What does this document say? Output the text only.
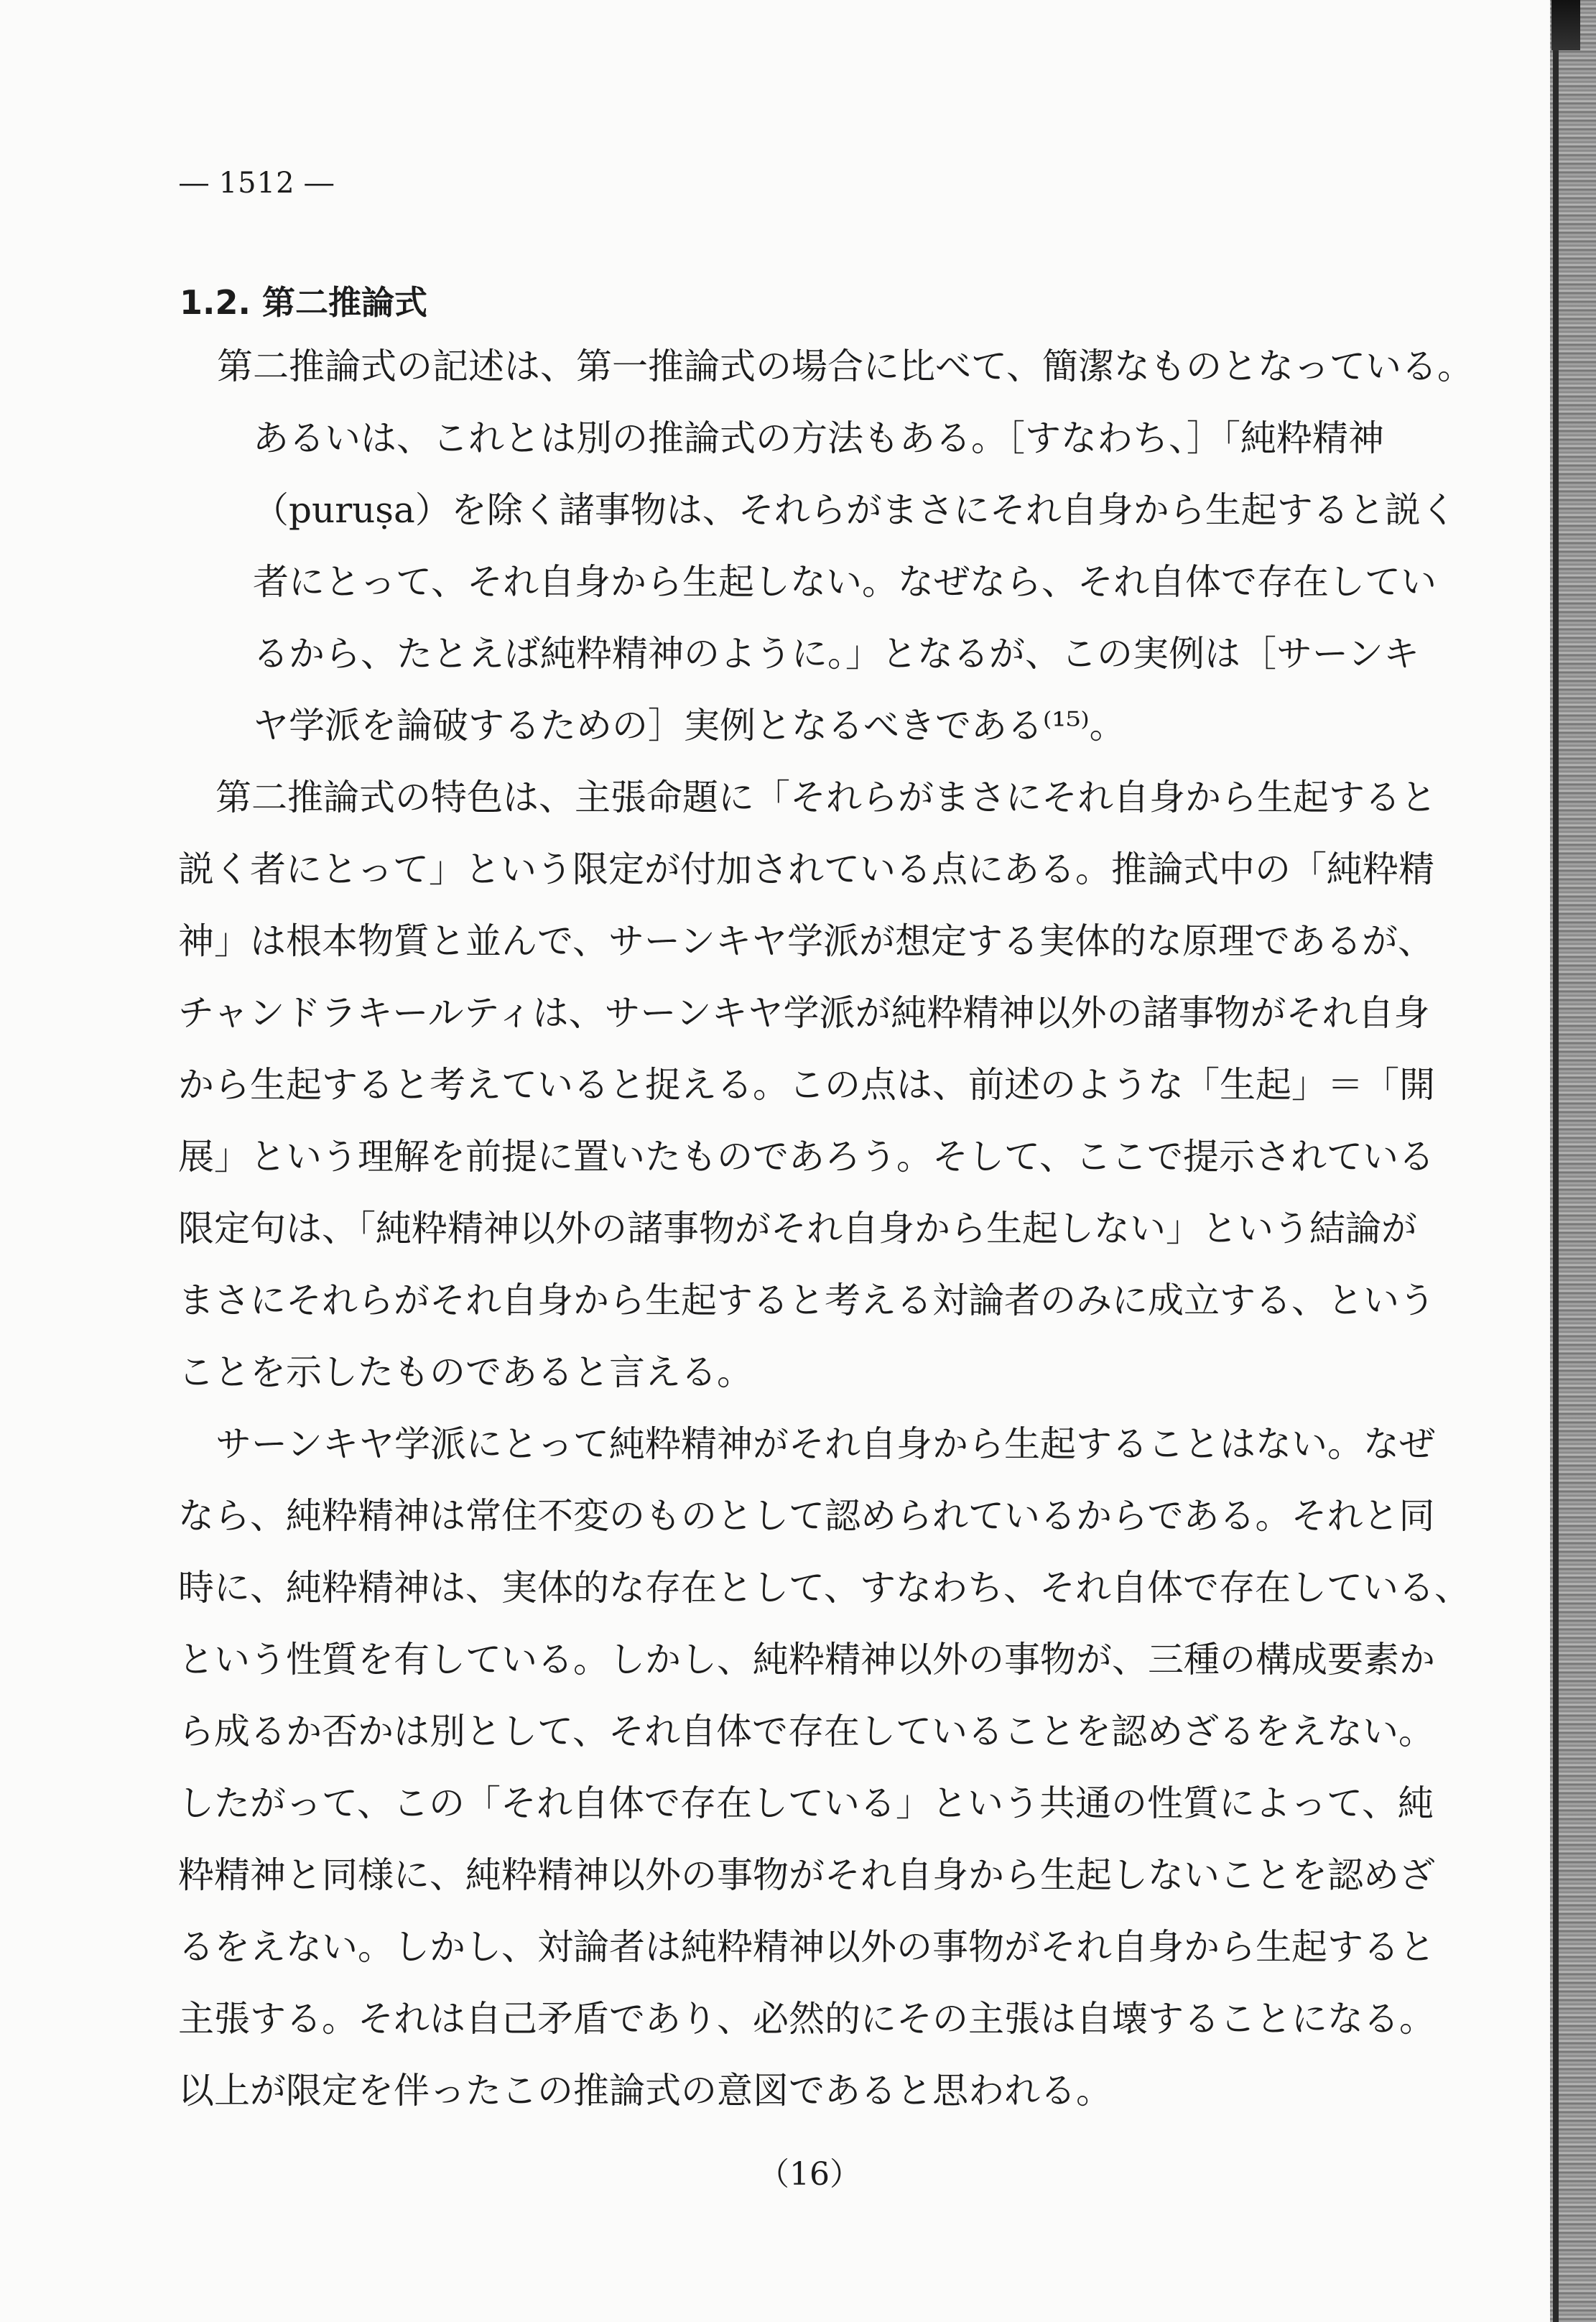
― 1512 ―
1.2. 第二推論式
第二推論式の記述は、第一推論式の場合に比べて、簡潔なものとなっている。
あるいは、これとは別の推論式の方法もある。［すなわち、］「純粋精神
（puruṣa）を除く諸事物は、それらがまさにそれ自身から生起すると説く
者にとって、それ自身から生起しない。なぜなら、それ自体で存在してい
るから、たとえば純粋精神のように。」となるが、この実例は［サーンキ
ヤ学派を論破するための］実例となるべきである⁽¹⁵⁾。
第二推論式の特色は、主張命題に「それらがまさにそれ自身から生起すると
説く者にとって」という限定が付加されている点にある。推論式中の「純粋精
神」は根本物質と並んで、サーンキヤ学派が想定する実体的な原理であるが、
チャンドラキールティは、サーンキヤ学派が純粋精神以外の諸事物がそれ自身
から生起すると考えていると捉える。この点は、前述のような「生起」＝「開
展」という理解を前提に置いたものであろう。そして、ここで提示されている
限定句は、「純粋精神以外の諸事物がそれ自身から生起しない」という結論が
まさにそれらがそれ自身から生起すると考える対論者のみに成立する、という
ことを示したものであると言える。
サーンキヤ学派にとって純粋精神がそれ自身から生起することはない。なぜ
なら、純粋精神は常住不変のものとして認められているからである。それと同
時に、純粋精神は、実体的な存在として、すなわち、それ自体で存在している、
という性質を有している。しかし、純粋精神以外の事物が、三種の構成要素か
ら成るか否かは別として、それ自体で存在していることを認めざるをえない。
したがって、この「それ自体で存在している」という共通の性質によって、純
粋精神と同様に、純粋精神以外の事物がそれ自身から生起しないことを認めざ
るをえない。しかし、対論者は純粋精神以外の事物がそれ自身から生起すると
主張する。それは自己矛盾であり、必然的にその主張は自壊することになる。
以上が限定を伴ったこの推論式の意図であると思われる。
（16）
